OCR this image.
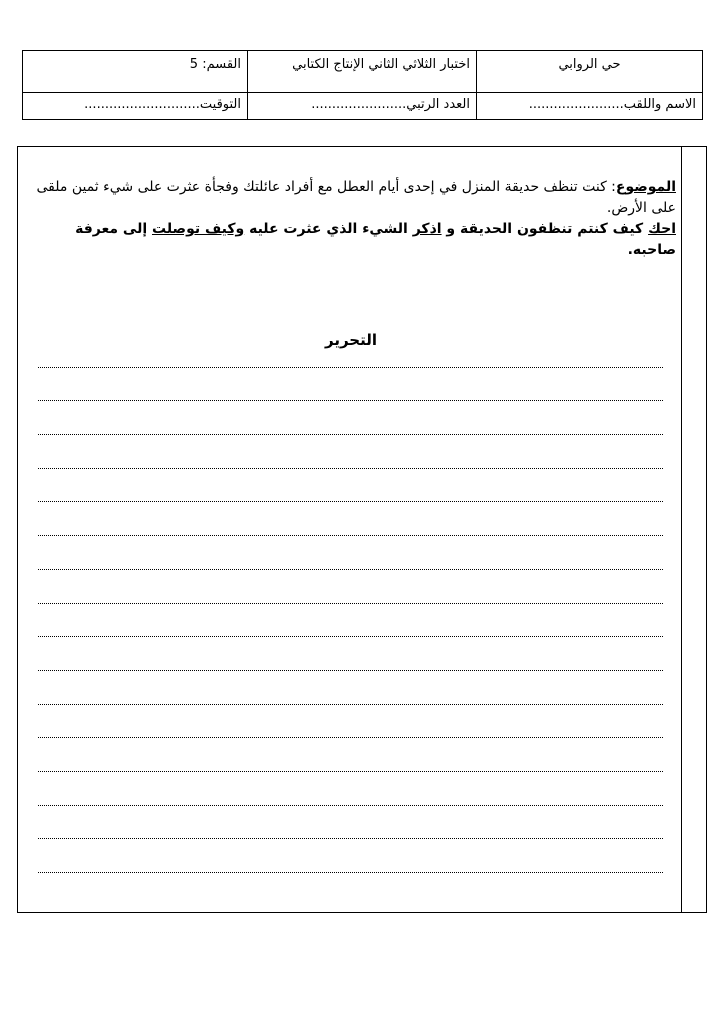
حي الروابي
اختبار الثلاثي الثاني الإنتاج الكتابي
القسم: 5
الاسم واللقب.......................
العدد الرتبي.......................
التوقيت............................
الموضوع: كنت تنظف حديقة المنزل في إحدى أيام العطل مع أفراد عائلتك وفجأة عثرت على شيء ثمين ملقى على الأرض.
احك كيف كنتم تنظفون الحديقة و اذكر الشيء الذي عثرت عليه وكيف توصلت إلى معرفة صاحبه.
التحرير
